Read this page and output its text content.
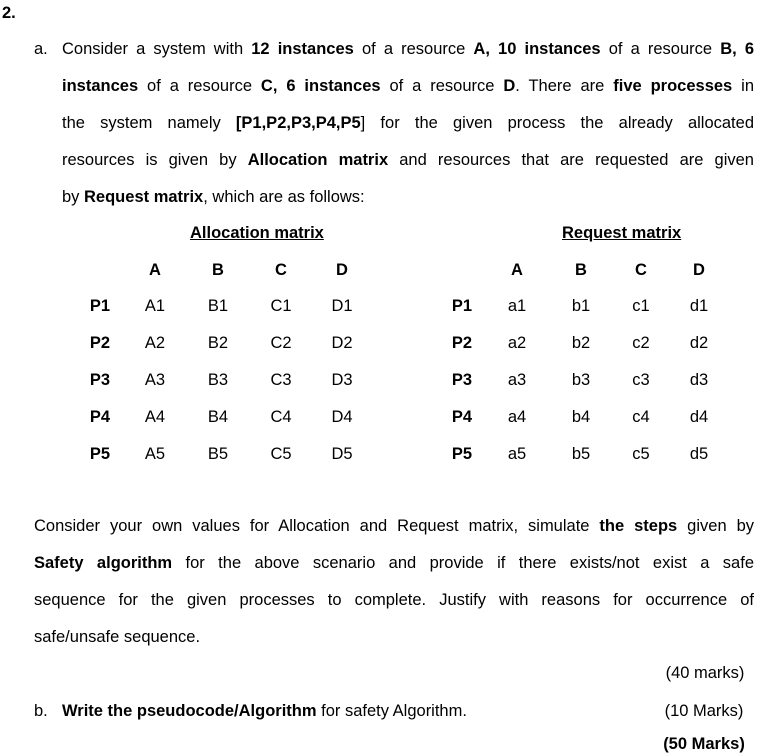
2.
a. Consider a system with 12 instances of a resource A, 10 instances of a resource B, 6
instances of a resource C, 6 instances of a resource D. There are five processes in
the system namely [P1,P2,P3,P4,P5] for the given process the already allocated
resources is given by Allocation matrix and resources that are requested are given
by Request matrix, which are as follows:
Allocation matrix	Request matrix
A	B	C	D	A	B	C	D
P1 A1	B1	C1 D1
P2 A2	B2	C2 D2
P3 A3	B3	C3 D3
P4 A4	B4	C4 D4
P5 A5	B5	C5 D5
P1 a1	b1	c1 d1
P2 a2	b2	c2 d2
P3 a3	b3	c3 d3
P4 a4	b4	c4 d4
P5 a5	b5	c5 d5
Consider your own values for Allocation and Request matrix, simulate the steps given by
Safety algorithm for the above scenario and provide if there exists/not exist a safe
sequence for the given processes to complete. Justify with reasons for occurrence of
safe/unsafe sequence.
(40 marks)
b. Write the pseudocode/Algorithm for safety Algorithm.	(10 Marks)
(50 Marks)
